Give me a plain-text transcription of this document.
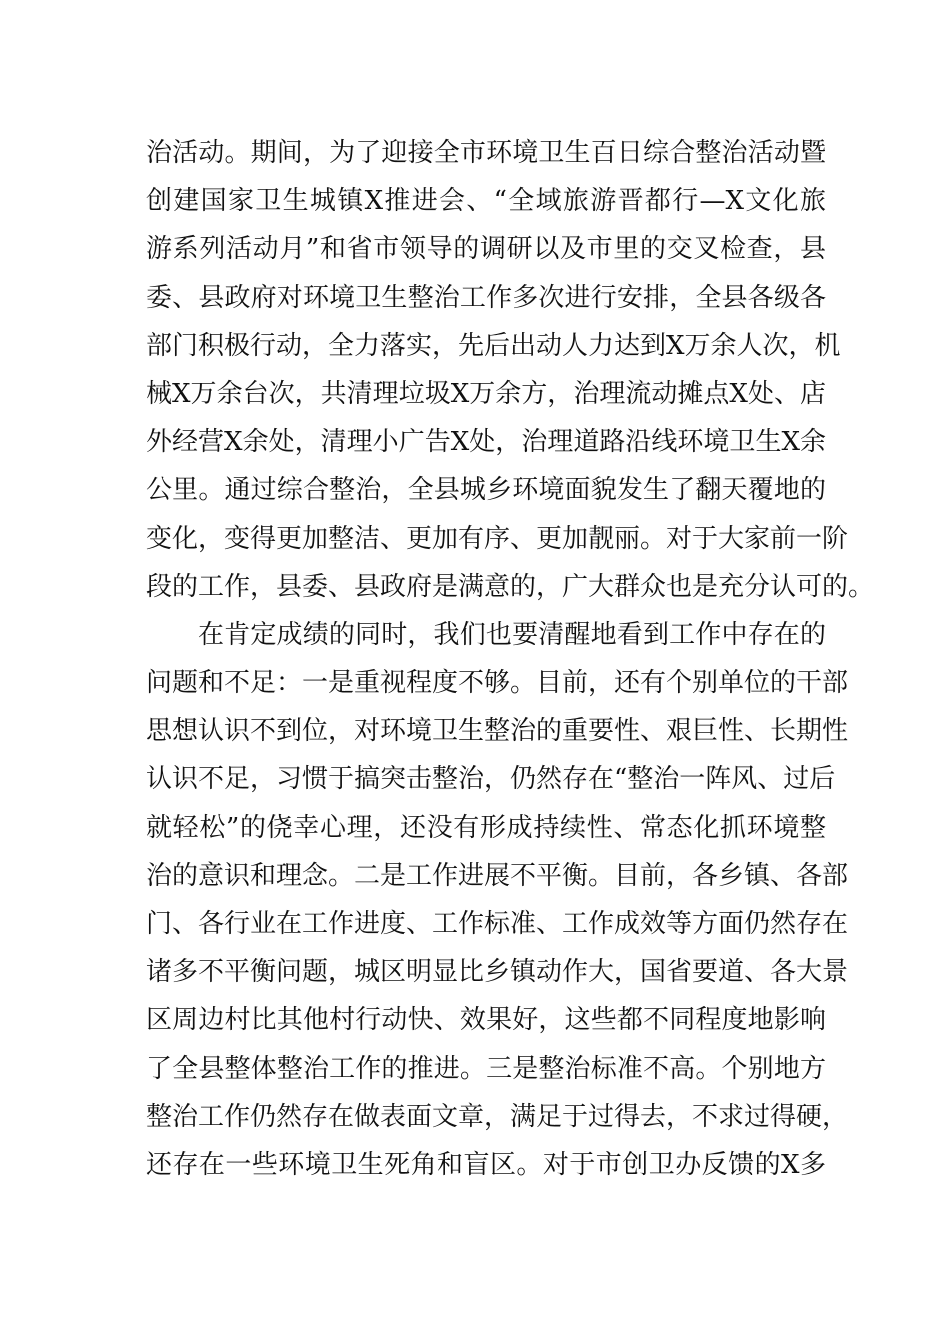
治活动。期间，为了迎接全市环境卫生百日综合整治活动暨
创建国家卫生城镇X推进会、“全域旅游晋都行—X文化旅
游系列活动月”和省市领导的调研以及市里的交叉检查，县
委、县政府对环境卫生整治工作多次进行安排，全县各级各
部门积极行动，全力落实，先后出动人力达到X万余人次，机
械X万余台次，共清理垃圾X万余方，治理流动摊点X处、店
外经营X余处，清理小广告X处，治理道路沿线环境卫生X余
公里。通过综合整治，全县城乡环境面貌发生了翻天覆地的
变化，变得更加整洁、更加有序、更加靓丽。对于大家前一阶
段的工作，县委、县政府是满意的，广大群众也是充分认可的。
在肯定成绩的同时，我们也要清醒地看到工作中存在的
问题和不足：一是重视程度不够。目前，还有个别单位的干部
思想认识不到位，对环境卫生整治的重要性、艰巨性、长期性
认识不足，习惯于搞突击整治，仍然存在“整治一阵风、过后
就轻松”的侥幸心理，还没有形成持续性、常态化抓环境整
治的意识和理念。二是工作进展不平衡。目前，各乡镇、各部
门、各行业在工作进度、工作标准、工作成效等方面仍然存在
诸多不平衡问题，城区明显比乡镇动作大，国省要道、各大景
区周边村比其他村行动快、效果好，这些都不同程度地影响
了全县整体整治工作的推进。三是整治标准不高。个别地方
整治工作仍然存在做表面文章，满足于过得去，不求过得硬，
还存在一些环境卫生死角和盲区。对于市创卫办反馈的X多
